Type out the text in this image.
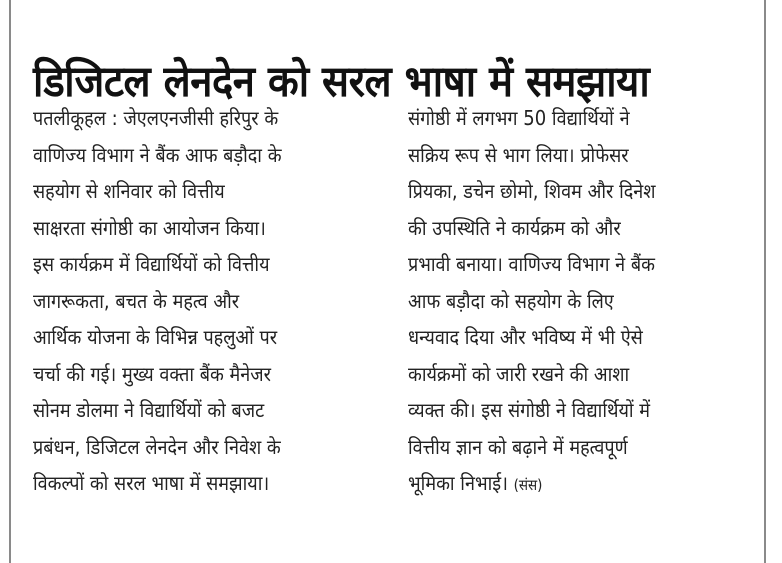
डिजिटल लेनदेन को सरल भाषा में समझाया
पतलीकूहल : जेएलएनजीसी हरिपुर के
वाणिज्य विभाग ने बैंक आफ बड़ौदा के
सहयोग से शनिवार को वित्तीय
साक्षरता संगोष्ठी का आयोजन किया।
इस कार्यक्रम में विद्यार्थियों को वित्तीय
जागरूकता, बचत के महत्व और
आर्थिक योजना के विभिन्न पहलुओं पर
चर्चा की गई। मुख्य वक्ता बैंक मैनेजर
सोनम डोलमा ने विद्यार्थियों को बजट
प्रबंधन, डिजिटल लेनदेन और निवेश के
विकल्पों को सरल भाषा में समझाया।
संगोष्ठी में लगभग 50 विद्यार्थियों ने
सक्रिय रूप से भाग लिया। प्रोफेसर
प्रियका, डचेन छोमो, शिवम और दिनेश
की उपस्थिति ने कार्यक्रम को और
प्रभावी बनाया। वाणिज्य विभाग ने बैंक
आफ बड़ौदा को सहयोग के लिए
धन्यवाद दिया और भविष्य में भी ऐसे
कार्यक्रमों को जारी रखने की आशा
व्यक्त की। इस संगोष्ठी ने विद्यार्थियों में
वित्तीय ज्ञान को बढ़ाने में महत्वपूर्ण
भूमिका निभाई। (संस)
